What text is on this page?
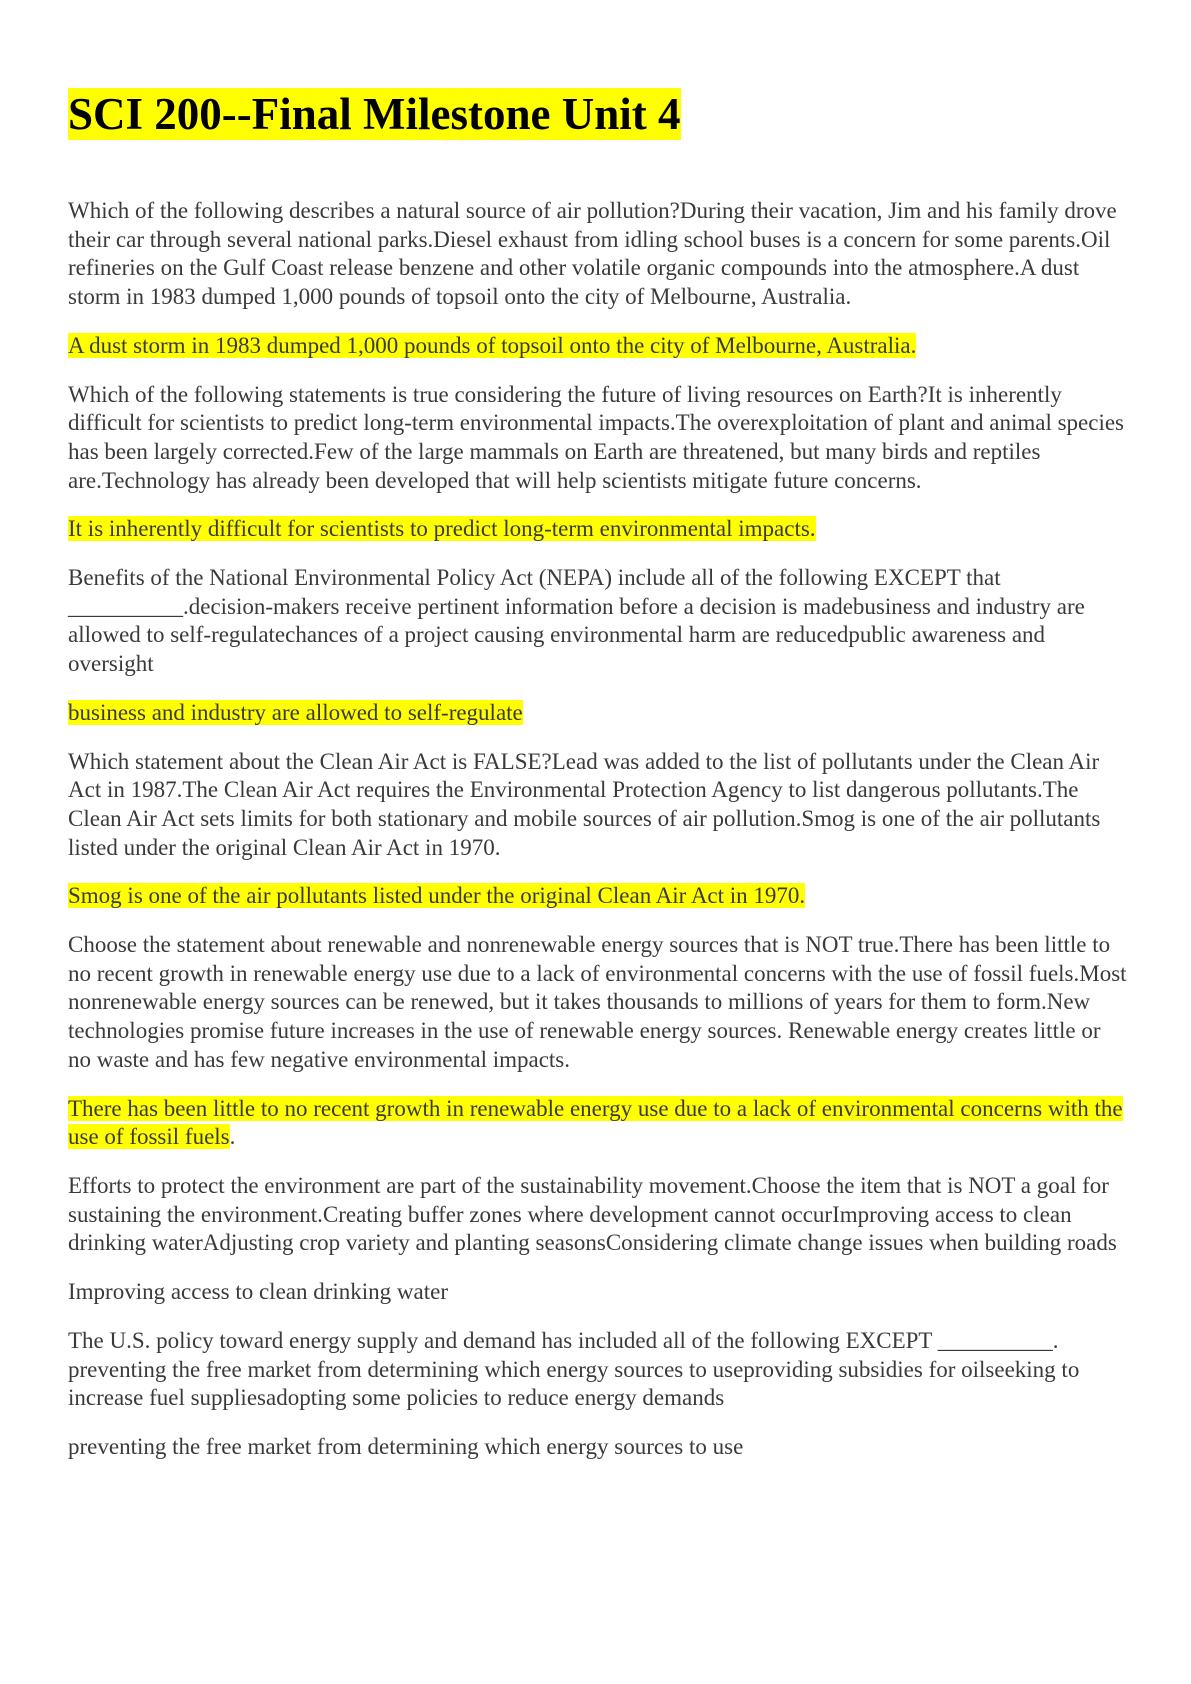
SCI 200--Final Milestone Unit 4

Which of the following describes a natural source of air pollution?During their vacation, Jim and his family drove their car through several national parks.Diesel exhaust from idling school buses is a concern for some parents.Oil refineries on the Gulf Coast release benzene and other volatile organic compounds into the atmosphere.A dust storm in 1983 dumped 1,000 pounds of topsoil onto the city of Melbourne, Australia.

A dust storm in 1983 dumped 1,000 pounds of topsoil onto the city of Melbourne, Australia.

Which of the following statements is true considering the future of living resources on Earth?It is inherently difficult for scientists to predict long-term environmental impacts.The overexploitation of plant and animal species has been largely corrected.Few of the large mammals on Earth are threatened, but many birds and reptiles are.Technology has already been developed that will help scientists mitigate future concerns.

It is inherently difficult for scientists to predict long-term environmental impacts.

Benefits of the National Environmental Policy Act (NEPA) include all of the following EXCEPT that __________.decision-makers receive pertinent information before a decision is madebusiness and industry are allowed to self-regulatechances of a project causing environmental harm are reducedpublic awareness and oversight

business and industry are allowed to self-regulate

Which statement about the Clean Air Act is FALSE?Lead was added to the list of pollutants under the Clean Air Act in 1987.The Clean Air Act requires the Environmental Protection Agency to list dangerous pollutants.The Clean Air Act sets limits for both stationary and mobile sources of air pollution.Smog is one of the air pollutants listed under the original Clean Air Act in 1970.

Smog is one of the air pollutants listed under the original Clean Air Act in 1970.

Choose the statement about renewable and nonrenewable energy sources that is NOT true.There has been little to no recent growth in renewable energy use due to a lack of environmental concerns with the use of fossil fuels.Most nonrenewable energy sources can be renewed, but it takes thousands to millions of years for them to form.New technologies promise future increases in the use of renewable energy sources. Renewable energy creates little or no waste and has few negative environmental impacts.

There has been little to no recent growth in renewable energy use due to a lack of environmental concerns with the use of fossil fuels.

Efforts to protect the environment are part of the sustainability movement.Choose the item that is NOT a goal for sustaining the environment.Creating buffer zones where development cannot occurImproving access to clean drinking waterAdjusting crop variety and planting seasonsConsidering climate change issues when building roads

Improving access to clean drinking water

The U.S. policy toward energy supply and demand has included all of the following EXCEPT __________. preventing the free market from determining which energy sources to useproviding subsidies for oilseeking to increase fuel suppliesadopting some policies to reduce energy demands

preventing the free market from determining which energy sources to use
